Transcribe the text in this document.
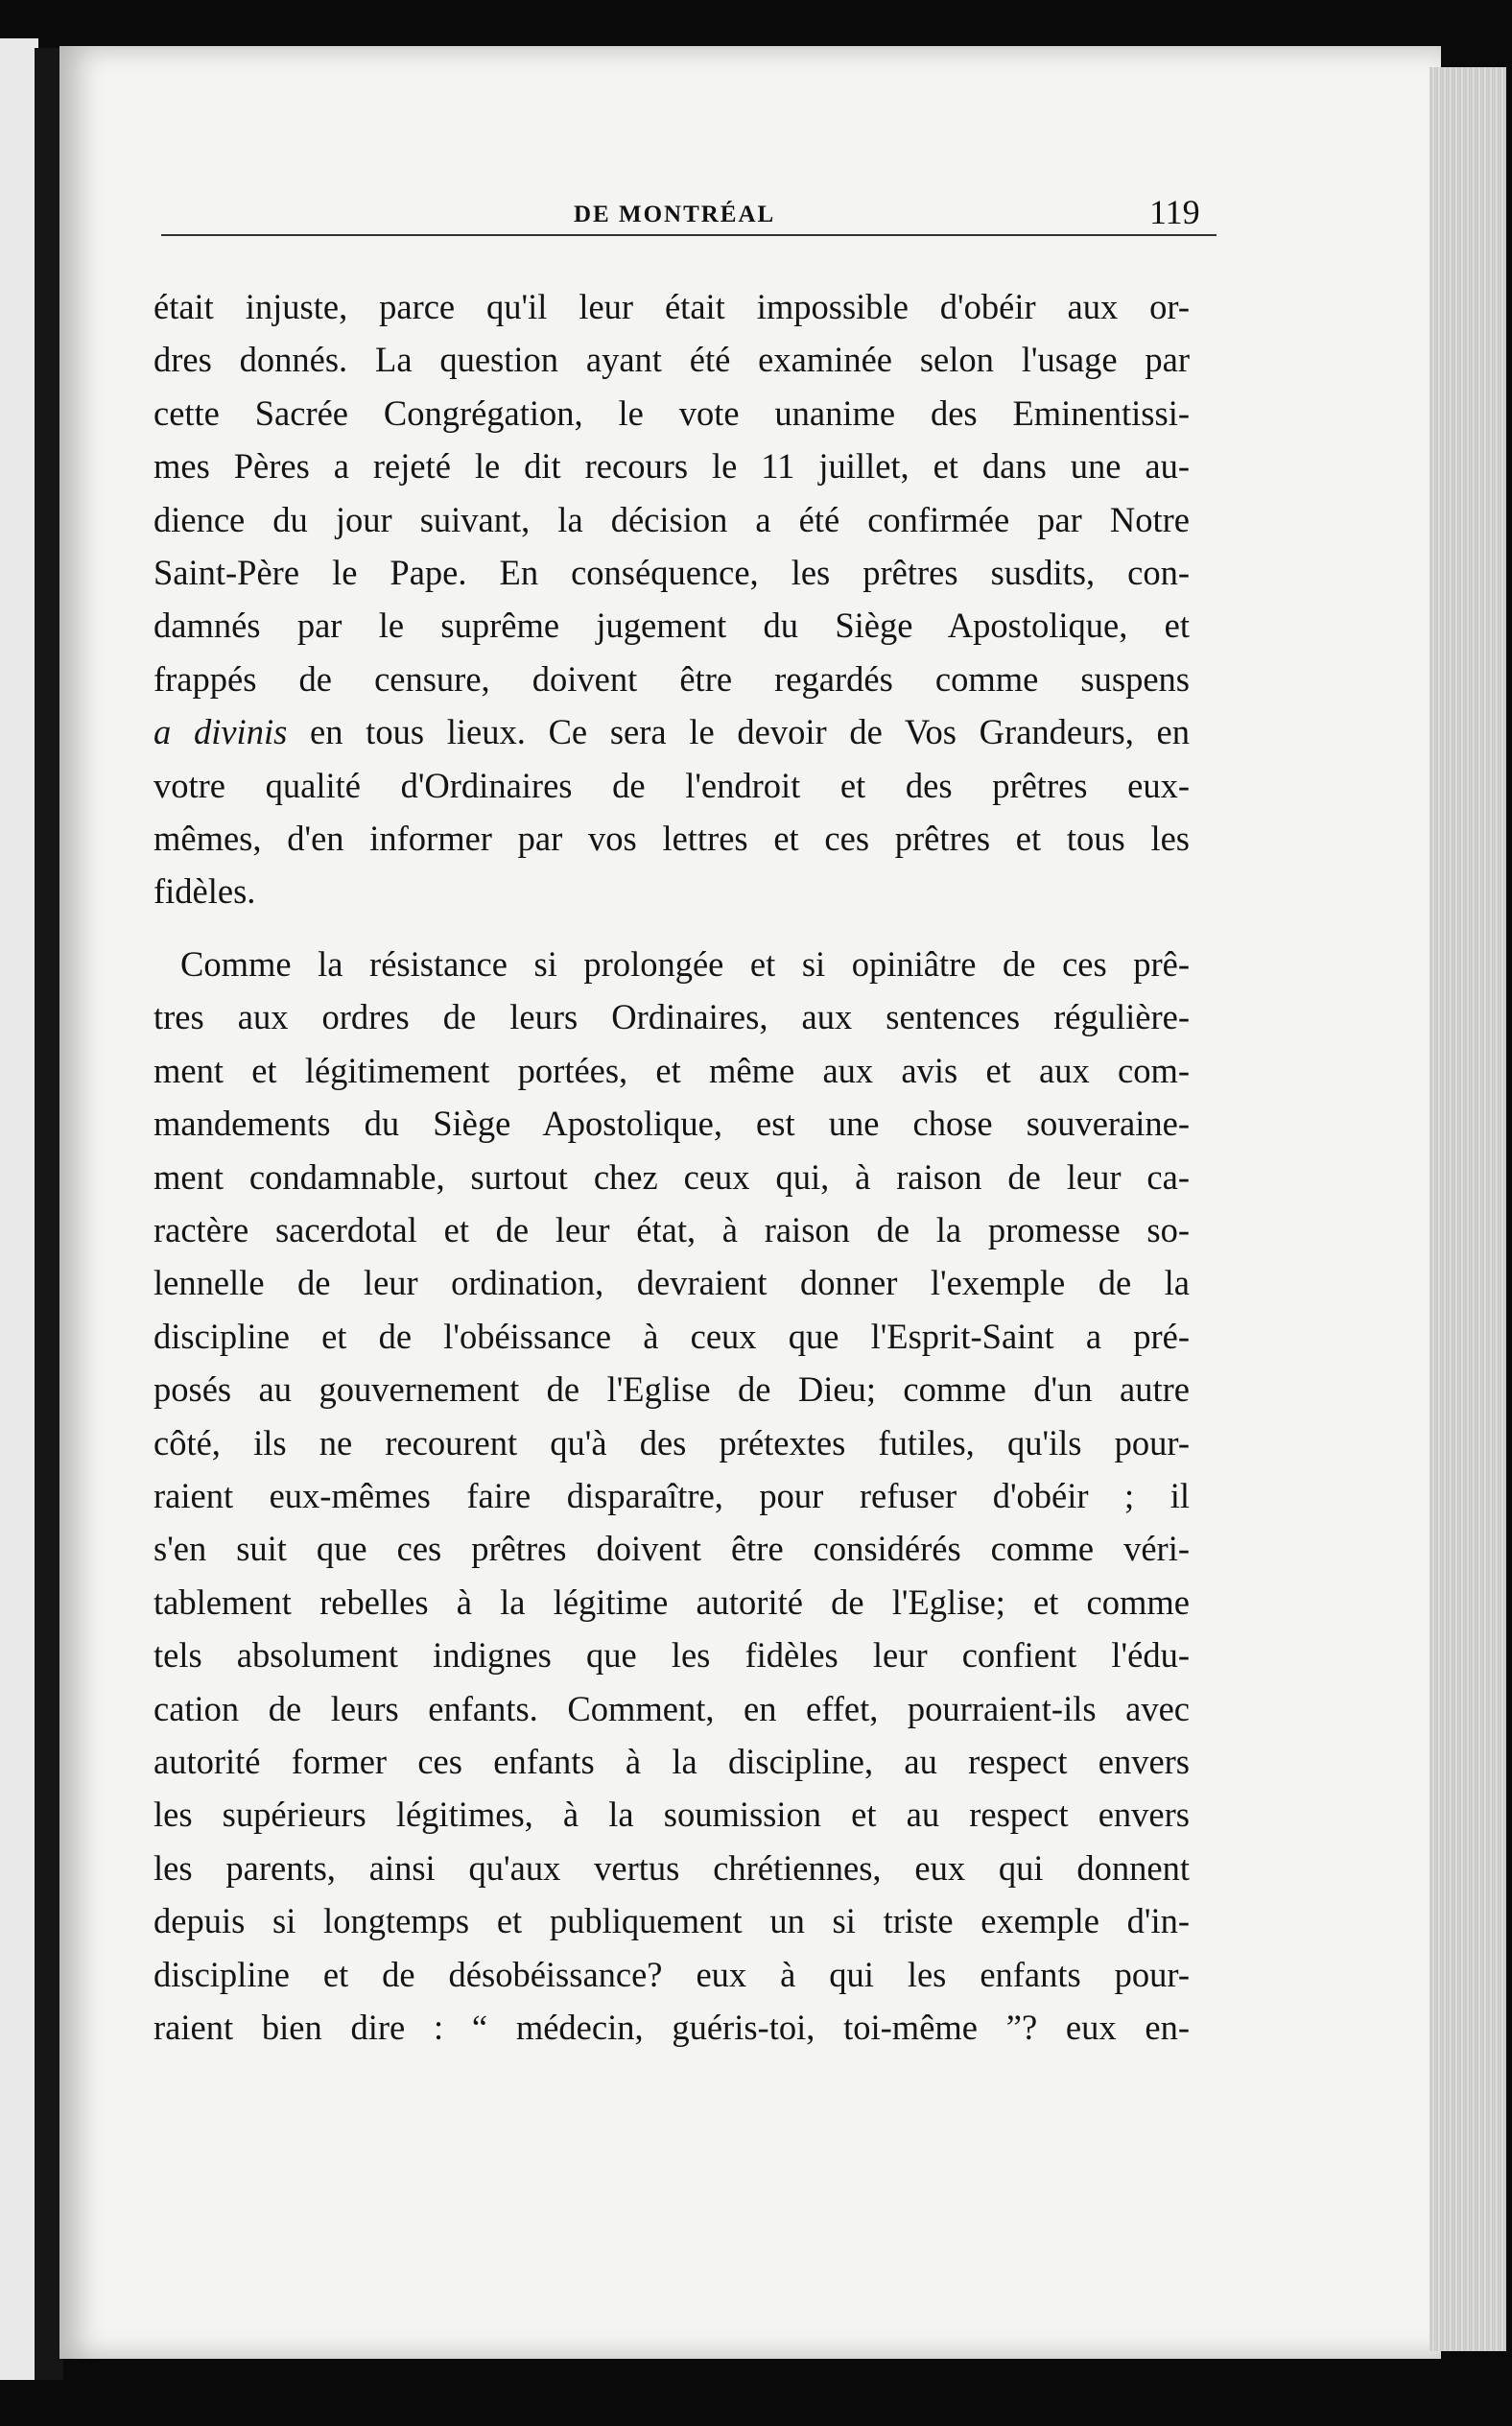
DE MONTRÉAL	119
était injuste, parce qu'il leur était impossible d'obéir aux or-
dres donnés. La question ayant été examinée selon l'usage par
cette Sacrée Congrégation, le vote unanime des Eminentissi-
mes Pères a rejeté le dit recours le 11 juillet, et dans une au-
dience du jour suivant, la décision a été confirmée par Notre
Saint-Père le Pape. En conséquence, les prêtres susdits, con-
damnés par le suprême jugement du Siège Apostolique, et
frappés de censure, doivent être regardés comme suspens
a divinis en tous lieux. Ce sera le devoir de Vos Grandeurs, en
votre qualité d'Ordinaires de l'endroit et des prêtres eux-
mêmes, d'en informer par vos lettres et ces prêtres et tous les
fidèles.
Comme la résistance si prolongée et si opiniâtre de ces prê-
tres aux ordres de leurs Ordinaires, aux sentences régulière-
ment et légitimement portées, et même aux avis et aux com-
mandements du Siège Apostolique, est une chose souveraine-
ment condamnable, surtout chez ceux qui, à raison de leur ca-
ractère sacerdotal et de leur état, à raison de la promesse so-
lennelle de leur ordination, devraient donner l'exemple de la
discipline et de l'obéissance à ceux que l'Esprit-Saint a pré-
posés au gouvernement de l'Eglise de Dieu; comme d'un autre
côté, ils ne recourent qu'à des prétextes futiles, qu'ils pour-
raient eux-mêmes faire disparaître, pour refuser d'obéir ; il
s'en suit que ces prêtres doivent être considérés comme véri-
tablement rebelles à la légitime autorité de l'Eglise; et comme
tels absolument indignes que les fidèles leur confient l'édu-
cation de leurs enfants. Comment, en effet, pourraient-ils avec
autorité former ces enfants à la discipline, au respect envers
les supérieurs légitimes, à la soumission et au respect envers
les parents, ainsi qu'aux vertus chrétiennes, eux qui donnent
depuis si longtemps et publiquement un si triste exemple d'in-
discipline et de désobéissance? eux à qui les enfants pour-
raient bien dire : “ médecin, guéris-toi, toi-même ”? eux en-
